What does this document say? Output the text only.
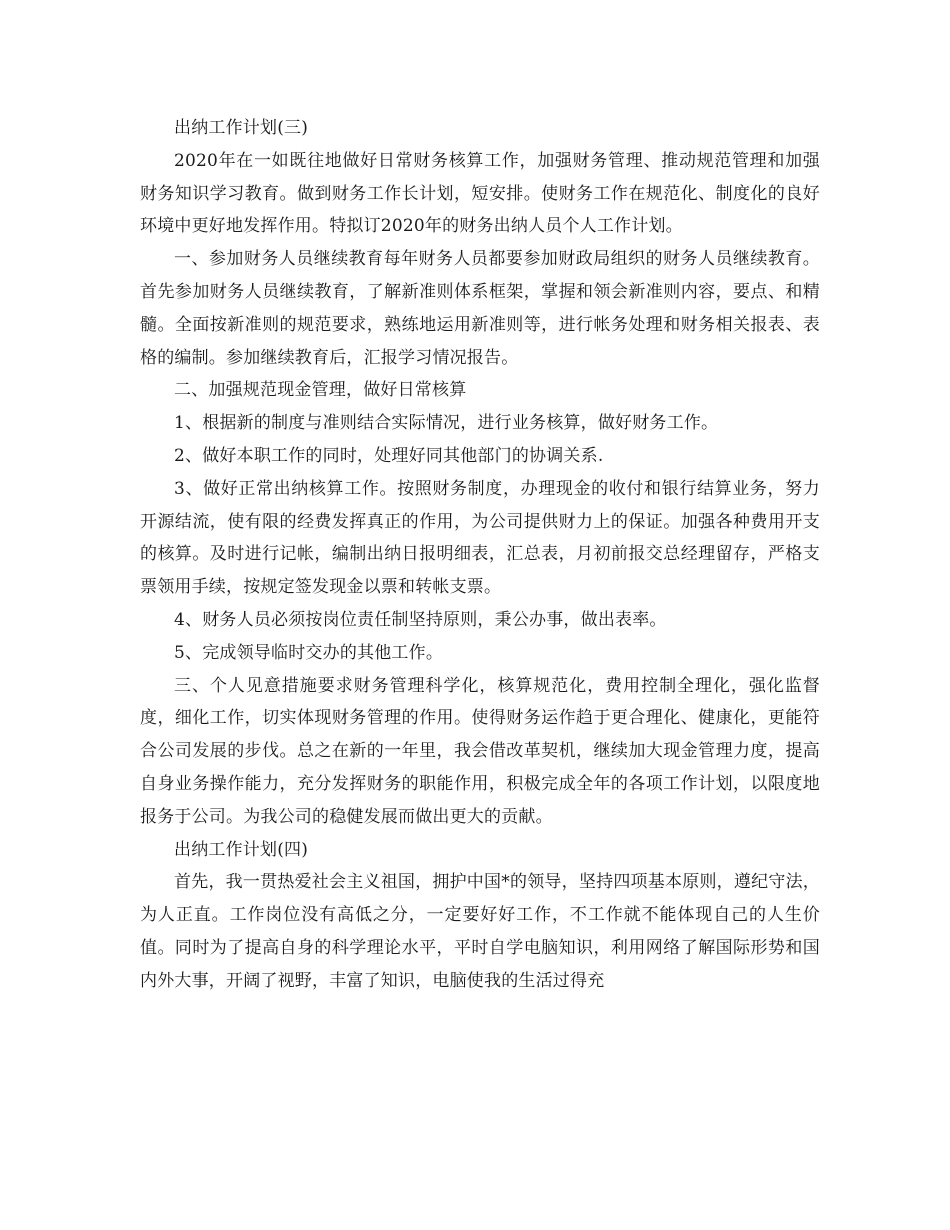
出纳工作计划(三)

2020年在一如既往地做好日常财务核算工作，加强财务管理、推动规范管理和加强财务知识学习教育。做到财务工作长计划，短安排。使财务工作在规范化、制度化的良好环境中更好地发挥作用。特拟订2020年的财务出纳人员个人工作计划。

一、参加财务人员继续教育每年财务人员都要参加财政局组织的财务人员继续教育。首先参加财务人员继续教育，了解新准则体系框架，掌握和领会新准则内容，要点、和精髓。全面按新准则的规范要求，熟练地运用新准则等，进行帐务处理和财务相关报表、表格的编制。参加继续教育后，汇报学习情况报告。

二、加强规范现金管理，做好日常核算

1、根据新的制度与准则结合实际情况，进行业务核算，做好财务工作。

2、做好本职工作的同时，处理好同其他部门的协调关系.

3、做好正常出纳核算工作。按照财务制度，办理现金的收付和银行结算业务，努力开源结流，使有限的经费发挥真正的作用，为公司提供财力上的保证。加强各种费用开支的核算。及时进行记帐，编制出纳日报明细表，汇总表，月初前报交总经理留存，严格支票领用手续，按规定签发现金以票和转帐支票。

4、财务人员必须按岗位责任制坚持原则，秉公办事，做出表率。

5、完成领导临时交办的其他工作。

三、个人见意措施要求财务管理科学化，核算规范化，费用控制全理化，强化监督度，细化工作，切实体现财务管理的作用。使得财务运作趋于更合理化、健康化，更能符合公司发展的步伐。总之在新的一年里，我会借改革契机，继续加大现金管理力度，提高自身业务操作能力，充分发挥财务的职能作用，积极完成全年的各项工作计划，以限度地报务于公司。为我公司的稳健发展而做出更大的贡献。

出纳工作计划(四)

首先，我一贯热爱社会主义祖国，拥护中国*的领导，坚持四项基本原则，遵纪守法，为人正直。工作岗位没有高低之分，一定要好好工作，不工作就不能体现自己的人生价值。同时为了提高自身的科学理论水平，平时自学电脑知识，利用网络了解国际形势和国内外大事，开阔了视野，丰富了知识，电脑使我的生活过得充
